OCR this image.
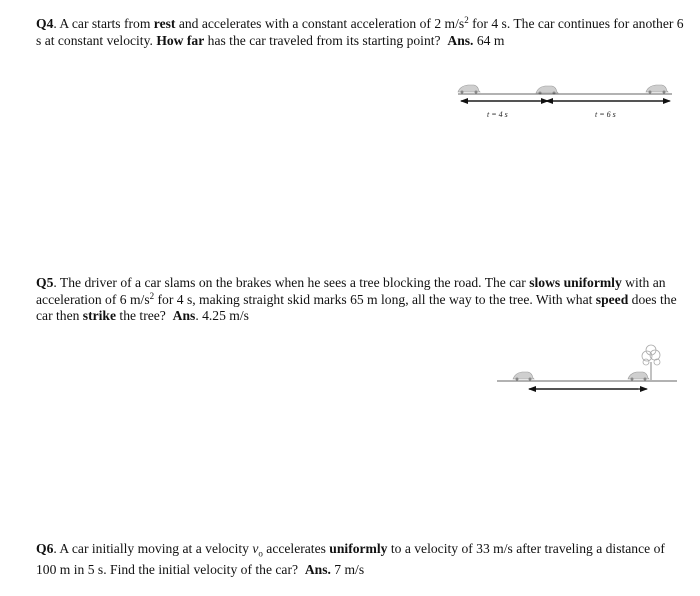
Q4. A car starts from rest and accelerates with a constant acceleration of 2 $m/s^2$ for 4 s. The car continues for another 6 s at constant velocity. How far has the car traveled from its starting point? Ans. 64 m
t = 4 s	t = 6 s
Q5. The driver of a car slams on the brakes when he sees a tree blocking the road. The car slows uniformly with an acceleration of 6 $m/s^2$ for 4 s, making straight skid marks 65 m long, all the way to the tree. With what speed does the car then strike the tree? Ans. 4.25 m/s
Q6. A car initially moving at a velocity $v_o$ accelerates uniformly to a velocity of 33 m/s after traveling a distance of 100 m in 5 s. Find the initial velocity of the car? Ans. 7 m/s
